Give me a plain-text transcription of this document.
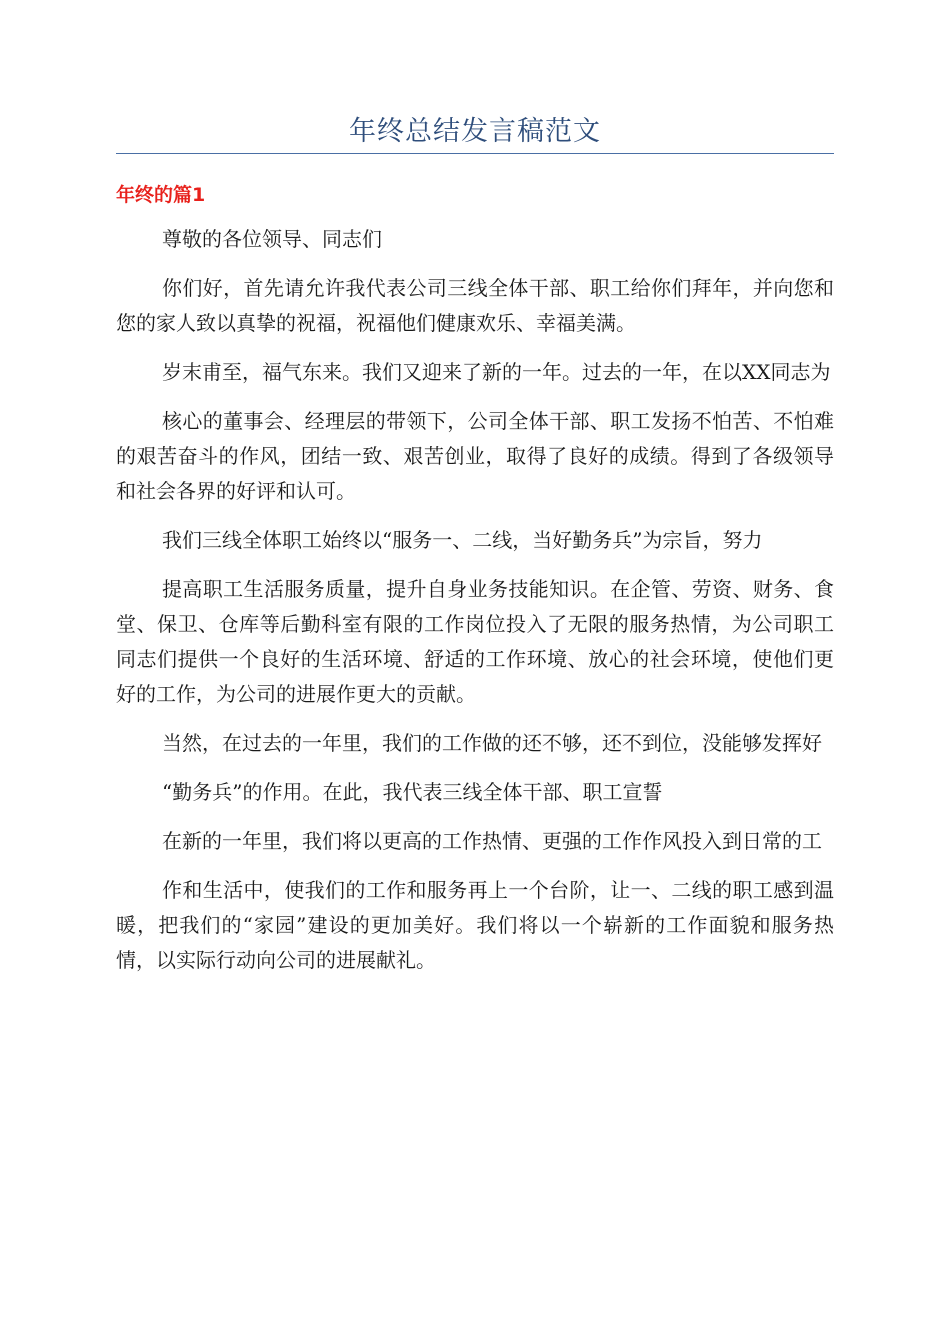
年终总结发言稿范文
年终的篇1

尊敬的各位领导、同志们

你们好，首先请允许我代表公司三线全体干部、职工给你们拜年，并向您和您的家人致以真挚的祝福，祝福他们健康欢乐、幸福美满。

岁末甫至，福气东来。我们又迎来了新的一年。过去的一年，在以XX同志为

核心的董事会、经理层的带领下，公司全体干部、职工发扬不怕苦、不怕难的艰苦奋斗的作风，团结一致、艰苦创业，取得了良好的成绩。得到了各级领导和社会各界的好评和认可。

我们三线全体职工始终以“服务一、二线，当好勤务兵”为宗旨，努力

提高职工生活服务质量，提升自身业务技能知识。在企管、劳资、财务、食堂、保卫、仓库等后勤科室有限的工作岗位投入了无限的服务热情，为公司职工同志们提供一个良好的生活环境、舒适的工作环境、放心的社会环境，使他们更好的工作，为公司的进展作更大的贡献。

当然，在过去的一年里，我们的工作做的还不够，还不到位，没能够发挥好

“勤务兵”的作用。在此，我代表三线全体干部、职工宣誓

在新的一年里，我们将以更高的工作热情、更强的工作作风投入到日常的工

作和生活中，使我们的工作和服务再上一个台阶，让一、二线的职工感到温暖，把我们的“家园”建设的更加美好。我们将以一个崭新的工作面貌和服务热情，以实际行动向公司的进展献礼。
